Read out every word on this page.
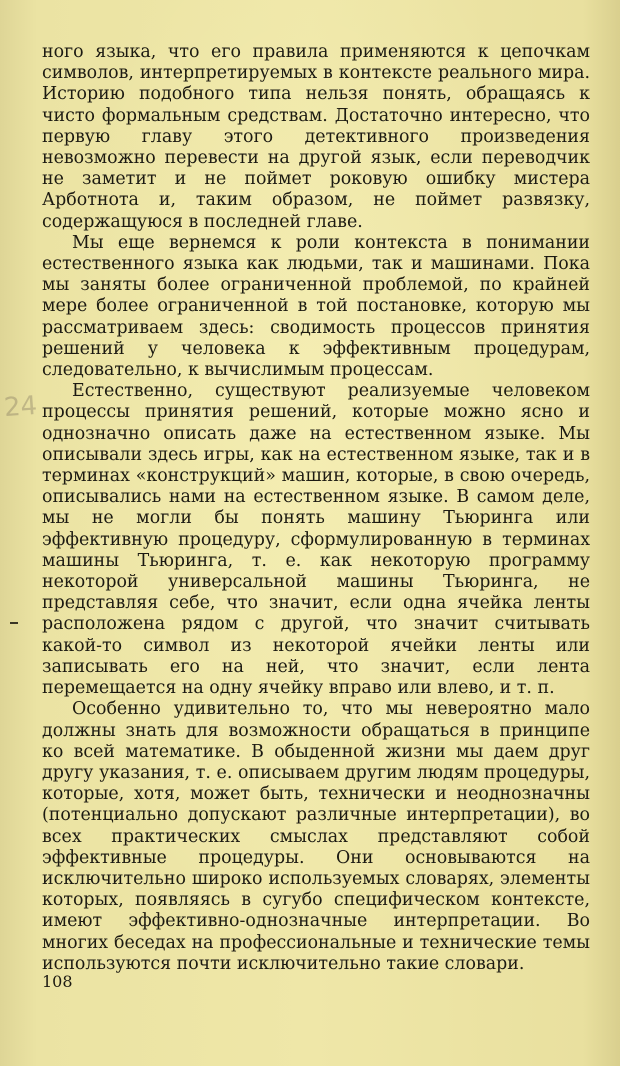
24

ного языка, что его правила применяются к цепочкам символов, интерпретируемых в контексте реального мира. Историю подобного типа нельзя понять, обращаясь к чисто формальным средствам. Достаточно интересно, что первую главу этого детективного произведения невозможно перевести на другой язык, если переводчик не заметит и не поймет роковую ошибку мистера Арботнота и, таким образом, не поймет развязку, содержащуюся в последней главе.

Мы еще вернемся к роли контекста в понимании естественного языка как людьми, так и машинами. Пока мы заняты более ограниченной проблемой, по крайней мере более ограниченной в той постановке, которую мы рассматриваем здесь: сводимость процессов принятия решений у человека к эффективным процедурам, следовательно, к вычислимым процессам.

Естественно, существуют реализуемые человеком процессы принятия решений, которые можно ясно и однозначно описать даже на естественном языке. Мы описывали здесь игры, как на естественном языке, так и в терминах «конструкций» машин, которые, в свою очередь, описывались нами на естественном языке. В самом деле, мы не могли бы понять машину Тьюринга или эффективную процедуру, сформулированную в терминах машины Тьюринга, т. е. как некоторую программу некоторой универсальной машины Тьюринга, не представляя себе, что значит, если одна ячейка ленты расположена рядом с другой, что значит считывать какой-то символ из некоторой ячейки ленты или записывать его на ней, что значит, если лента перемещается на одну ячейку вправо или влево, и т. п.

Особенно удивительно то, что мы невероятно мало должны знать для возможности обращаться в принципе ко всей математике. В обыденной жизни мы даем друг другу указания, т. е. описываем другим людям процедуры, которые, хотя, может быть, технически и неоднозначны (потенциально допускают различные интерпретации), во всех практических смыслах представляют собой эффективные процедуры. Они основываются на исключительно широко используемых словарях, элементы которых, появляясь в сугубо специфическом контексте, имеют эффективно-однозначные интерпретации. Во многих беседах на профессиональные и технические темы используются почти исключительно такие словари.

108
